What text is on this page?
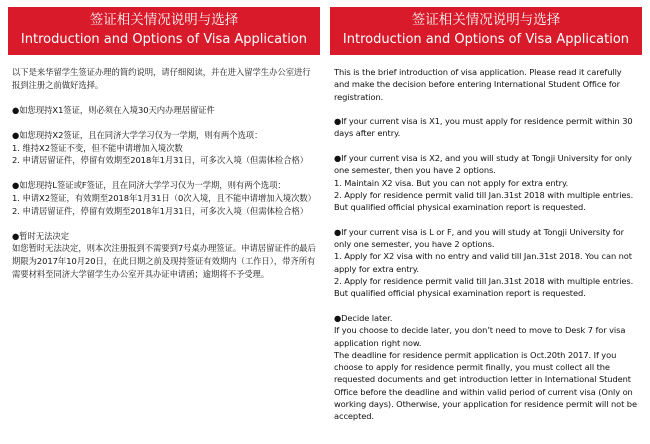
签证相关情况说明与选择
Introduction and Options of Visa Application
以下是来华留学生签证办理的简约说明，请仔细阅读，并在进入留学生办公室进行报到注册之前做好选择。
●如您现持X1签证，则必须在入境30天内办理居留证件
●如您现持X2签证，且在同济大学学习仅为一学期，则有两个选项：
1. 维持X2签证不变，但不能申请增加入境次数
2. 申请居留证件，停留有效期至2018年1月31日，可多次入境（但需体检合格）
●如您现持L签证或F签证，且在同济大学学习仅为一学期，则有两个选项：
1. 申请X2签证，有效期至2018年1月31日（0次入境，且不能申请增加入境次数）
2. 申请居留证件，停留有效期至2018年1月31日，可多次入境（但需体检合格）
●暂时无法决定
如您暂时无法决定，则本次注册报到不需要到7号桌办理签证。申请居留证件的最后期限为2017年10月20日，在此日期之前及现持签证有效期内（工作日），带齐所有需要材料至同济大学留学生办公室开具办证申请函；逾期将不予受理。
签证相关情况说明与选择
Introduction and Options of Visa Application
This is the brief introduction of visa application. Please read it carefully and make the decision before entering International Student Office for registration.
●If your current visa is X1, you must apply for residence permit within 30 days after entry.
●If your current visa is X2, and you will study at Tongji University for only one semester, then you have 2 options.
1. Maintain X2 visa. But you can not apply for extra entry.
2. Apply for residence permit valid till Jan.31st 2018 with multiple entries. But qualified official physical examination report is requested.
●If your current visa is L or F, and you will study at Tongji University for only one semester, you have 2 options.
1. Apply for X2 visa with no entry and valid till Jan.31st 2018. You can not apply for extra entry.
2. Apply for residence permit valid till Jan.31st 2018 with multiple entries. But qualified official physical examination report is requested.
●Decide later.
If you choose to decide later, you don’t need to move to Desk 7 for visa application right now.
The deadline for residence permit application is Oct.20th 2017. If you choose to apply for residence permit finally, you must collect all the requested documents and get introduction letter in International Student Office before the deadline and within valid period of current visa (Only on working days). Otherwise, your application for residence permit will not be accepted.
